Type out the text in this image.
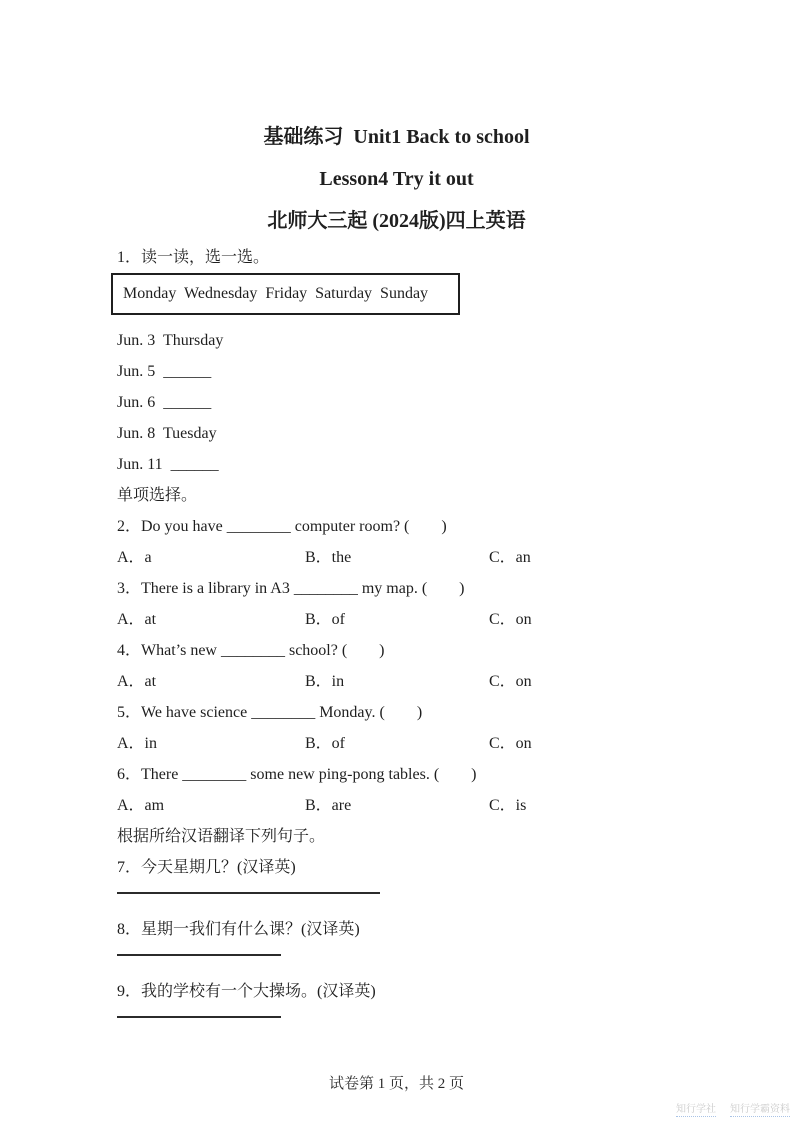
基础练习  Unit1 Back to school
Lesson4 Try it out
北师大三起 (2024版)四上英语

1．读一读，选一选。

Monday  Wednesday  Friday  Saturday  Sunday

Jun. 3  Thursday

Jun. 5  ______

Jun. 6  ______

Jun. 8  Tuesday

Jun. 11  ______

单项选择。

2．Do you have ________ computer room? (　　)

A．a	B．the	C．an

3．There is a library in A3 ________ my map. (　　)

A．at	B．of	C．on

4．What’s new ________ school? (　　)

A．at	B．in	C．on

5．We have science ________ Monday. (　　)

A．in	B．of	C．on

6．There ________ some new ping-pong tables. (　　)

A．am	B．are	C．is

根据所给汉语翻译下列句子。

7．今天星期几？(汉译英)

8．星期一我们有什么课？(汉译英)

9．我的学校有一个大操场。(汉译英)

试卷第 1 页，共 2 页
知行学社 知行学霸资料
